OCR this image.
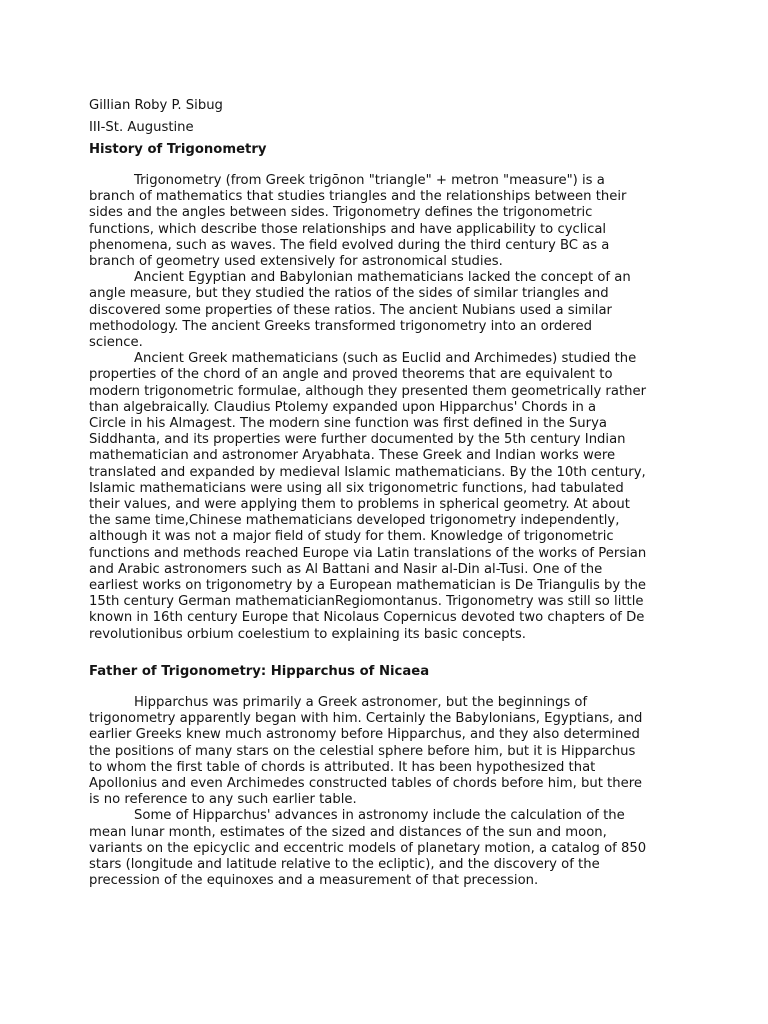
Gillian Roby P. Sibug
III-St. Augustine
History of Trigonometry
Trigonometry (from Greek trigōnon "triangle" + metron "measure") is a
branch of mathematics that studies triangles and the relationships between their
sides and the angles between sides. Trigonometry defines the trigonometric
functions, which describe those relationships and have applicability to cyclical
phenomena, such as waves. The field evolved during the third century BC as a
branch of geometry used extensively for astronomical studies.
Ancient Egyptian and Babylonian mathematicians lacked the concept of an
angle measure, but they studied the ratios of the sides of similar triangles and
discovered some properties of these ratios. The ancient Nubians used a similar
methodology. The ancient Greeks transformed trigonometry into an ordered
science.
Ancient Greek mathematicians (such as Euclid and Archimedes) studied the
properties of the chord of an angle and proved theorems that are equivalent to
modern trigonometric formulae, although they presented them geometrically rather
than algebraically. Claudius Ptolemy expanded upon Hipparchus' Chords in a
Circle in his Almagest. The modern sine function was first defined in the Surya
Siddhanta, and its properties were further documented by the 5th century Indian
mathematician and astronomer Aryabhata. These Greek and Indian works were
translated and expanded by medieval Islamic mathematicians. By the 10th century,
Islamic mathematicians were using all six trigonometric functions, had tabulated
their values, and were applying them to problems in spherical geometry. At about
the same time,Chinese mathematicians developed trigonometry independently,
although it was not a major field of study for them. Knowledge of trigonometric
functions and methods reached Europe via Latin translations of the works of Persian
and Arabic astronomers such as Al Battani and Nasir al-Din al-Tusi. One of the
earliest works on trigonometry by a European mathematician is De Triangulis by the
15th century German mathematicianRegiomontanus. Trigonometry was still so little
known in 16th century Europe that Nicolaus Copernicus devoted two chapters of De
revolutionibus orbium coelestium to explaining its basic concepts.
Father of Trigonometry: Hipparchus of Nicaea
Hipparchus was primarily a Greek astronomer, but the beginnings of
trigonometry apparently began with him. Certainly the Babylonians, Egyptians, and
earlier Greeks knew much astronomy before Hipparchus, and they also determined
the positions of many stars on the celestial sphere before him, but it is Hipparchus
to whom the first table of chords is attributed. It has been hypothesized that
Apollonius and even Archimedes constructed tables of chords before him, but there
is no reference to any such earlier table.
Some of Hipparchus' advances in astronomy include the calculation of the
mean lunar month, estimates of the sized and distances of the sun and moon,
variants on the epicyclic and eccentric models of planetary motion, a catalog of 850
stars (longitude and latitude relative to the ecliptic), and the discovery of the
precession of the equinoxes and a measurement of that precession.
